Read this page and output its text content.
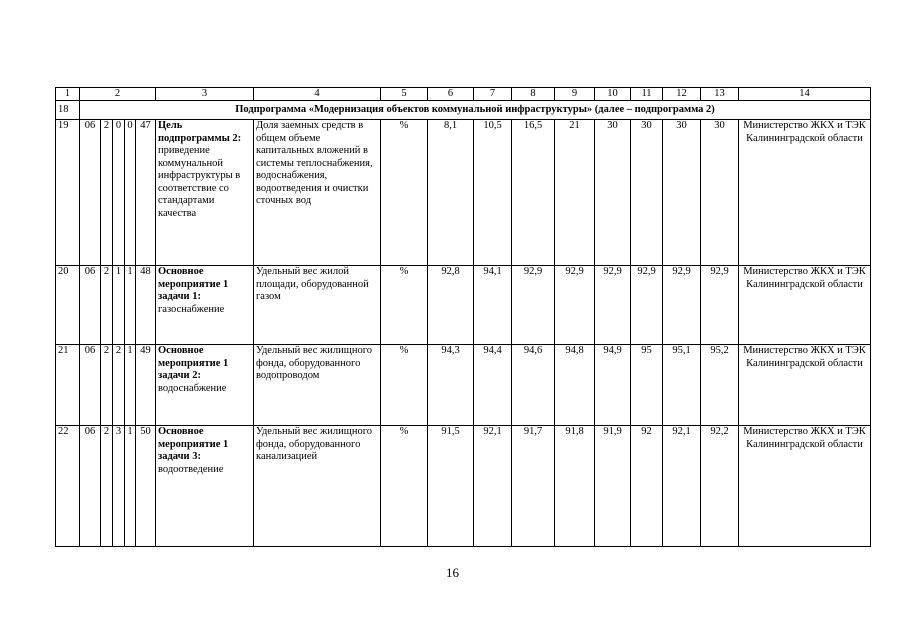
1	2					3	4	5	6	7	8	9	10	11	12	13	14
18	Подпрограмма «Модернизация объектов коммунальной инфраструктуры» (далее – подпрограмма 2)																
19	06	2	0	0	47	Цель подпрограммы 2: приведение коммунальной инфраструктуры в соответствие со стандартами качества	Доля заемных средств в общем объеме капитальных вложений в системы теплоснабжения, водоснабжения, водоотведения и очистки сточных вод	%	8,1	10,5	16,5	21	30	30	30	30	Министерство ЖКХ и ТЭК Калининградской области
20	06	2	1	1	48	Основное мероприятие 1 задачи 1: газоснабжение	Удельный вес жилой площади, оборудованной газом	%	92,8	94,1	92,9	92,9	92,9	92,9	92,9	92,9	Министерство ЖКХ и ТЭК Калининградской области
21	06	2	2	1	49	Основное мероприятие 1 задачи 2: водоснабжение	Удельный вес жилищного фонда, оборудованного водопроводом	%	94,3	94,4	94,6	94,8	94,9	95	95,1	95,2	Министерство ЖКХ и ТЭК Калининградской области
22	06	2	3	1	50	Основное мероприятие 1 задачи 3: водоотведение	Удельный вес жилищного фонда, оборудованного канализацией	%	91,5	92,1	91,7	91,8	91,9	92	92,1	92,2	Министерство ЖКХ и ТЭК Калининградской области
16
